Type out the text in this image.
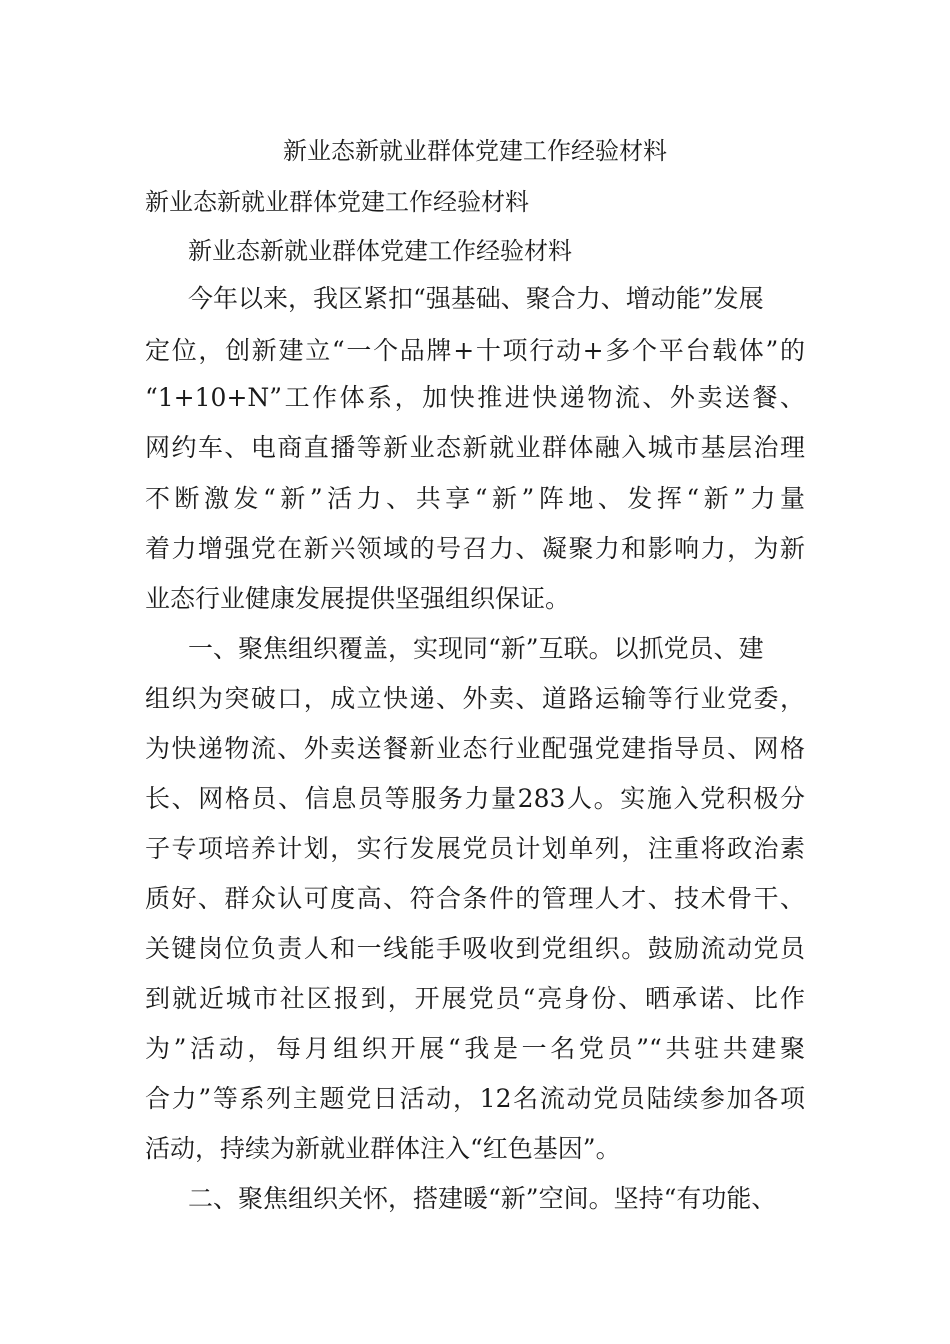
新业态新就业群体党建工作经验材料
新业态新就业群体党建工作经验材料
新业态新就业群体党建工作经验材料
今年以来，我区紧扣“强基础、聚合力、增动能”发展
定位，创新建立“一个品牌+十项行动+多个平台载体”的
“1+10+N”工作体系，加快推进快递物流、外卖送餐、
网约车、电商直播等新业态新就业群体融入城市基层治理
不断激发“新”活力、共享“新”阵地、发挥“新”力量
着力增强党在新兴领域的号召力、凝聚力和影响力，为新
业态行业健康发展提供坚强组织保证。
一、聚焦组织覆盖，实现同“新”互联。以抓党员、建
组织为突破口，成立快递、外卖、道路运输等行业党委，
为快递物流、外卖送餐新业态行业配强党建指导员、网格
长、网格员、信息员等服务力量283人。实施入党积极分
子专项培养计划，实行发展党员计划单列，注重将政治素
质好、群众认可度高、符合条件的管理人才、技术骨干、
关键岗位负责人和一线能手吸收到党组织。鼓励流动党员
到就近城市社区报到，开展党员“亮身份、晒承诺、比作
为”活动，每月组织开展“我是一名党员”“共驻共建聚
合力”等系列主题党日活动，12名流动党员陆续参加各项
活动，持续为新就业群体注入“红色基因”。
二、聚焦组织关怀，搭建暖“新”空间。坚持“有功能、
